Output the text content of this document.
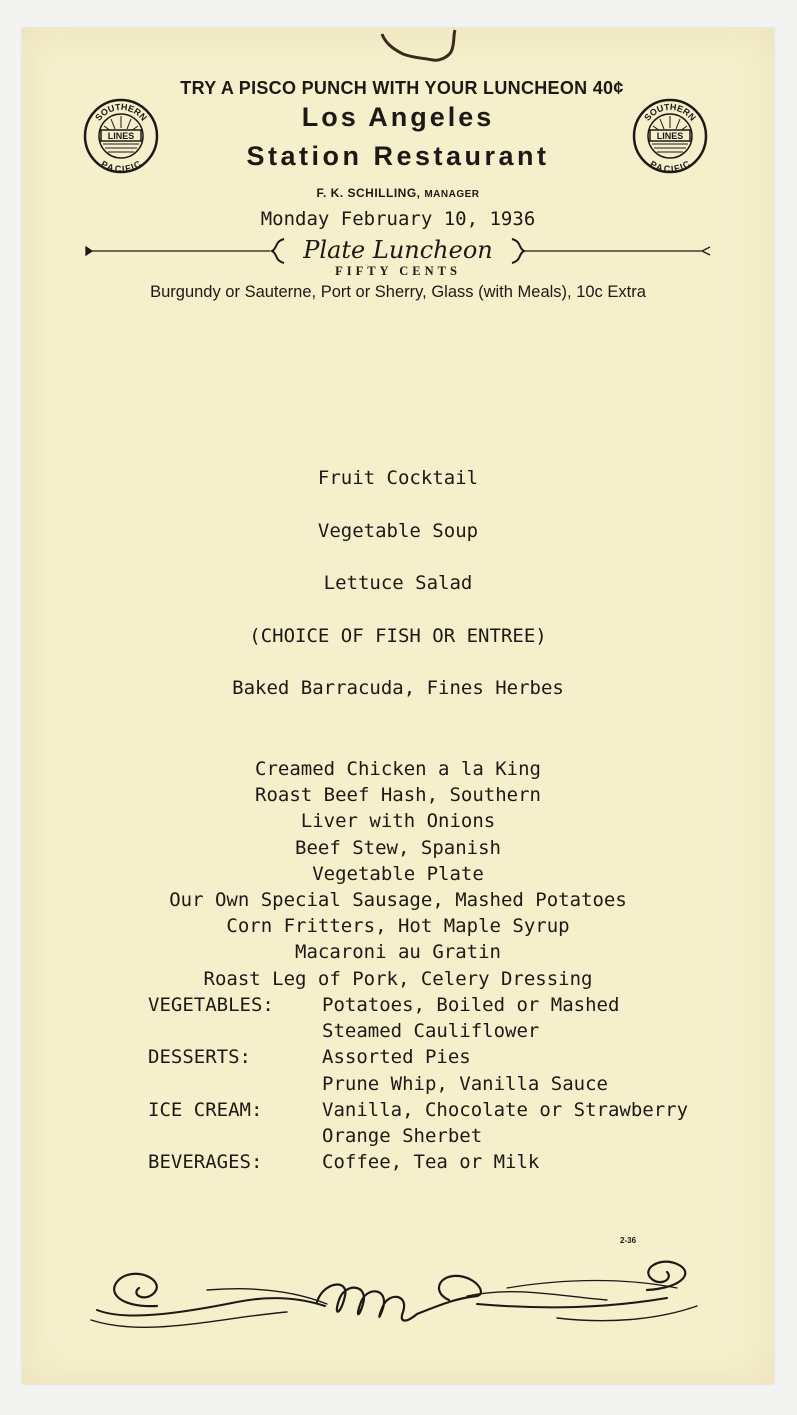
TRY A PISCO PUNCH WITH YOUR LUNCHEON 40¢
Los Angeles
Station Restaurant
F. K. SCHILLING, MANAGER
Monday February 10, 1936
Plate Luncheon
FIFTY CENTS
Burgundy or Sauterne, Port or Sherry, Glass (with Meals), 10c Extra
LINES
SOUTHERN
PACIFIC
LINES
SOUTHERN
PACIFIC
Fruit Cocktail
Vegetable Soup
Lettuce Salad
(CHOICE OF FISH OR ENTREE)
Baked Barracuda, Fines Herbes
Creamed Chicken a la King
Roast Beef Hash, Southern
Liver with Onions
Beef Stew, Spanish
Vegetable Plate
Our Own Special Sausage, Mashed Potatoes
Corn Fritters, Hot Maple Syrup
Macaroni au Gratin
Roast Leg of Pork, Celery Dressing
VEGETABLES:	Potatoes, Boiled or Mashed
Steamed Cauliflower
DESSERTS:	Assorted Pies
Prune Whip, Vanilla Sauce
ICE CREAM:	Vanilla, Chocolate or Strawberry
Orange Sherbet
BEVERAGES:	Coffee, Tea or Milk
2-36
